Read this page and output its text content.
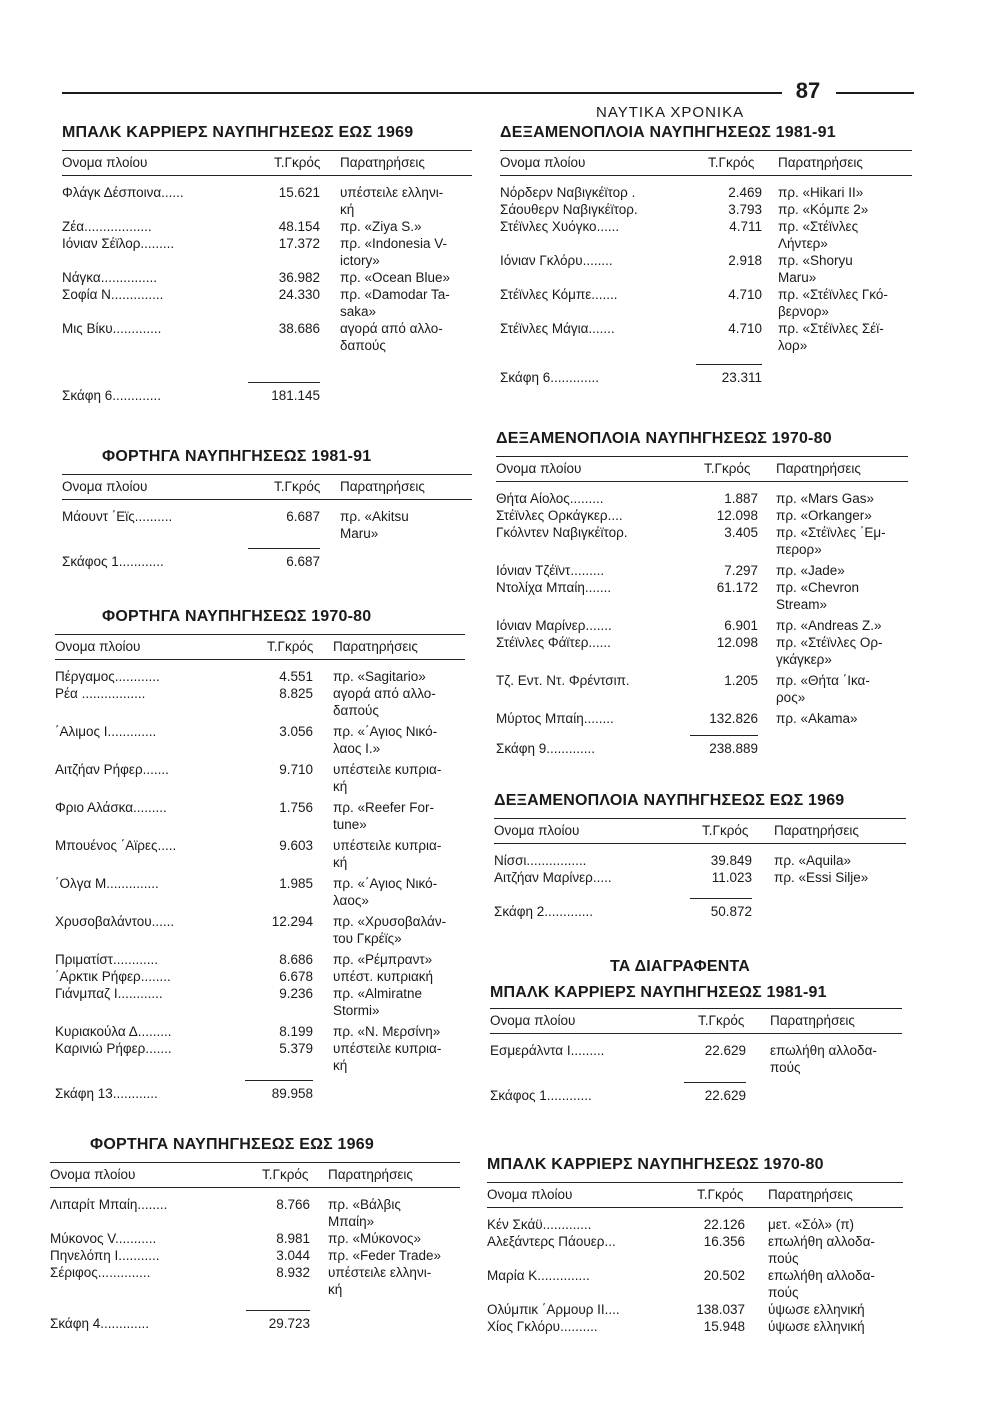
87
ΝΑΥΤΙΚΑ ΧΡΟΝΙΚΑ
ΜΠΑΛΚ ΚΑΡΡΙΕΡΣ ΝΑΥΠΗΓΗΣΕΩΣ ΕΩΣ 1969
Ονομα πλοίου	Τ.Γκρός Παρατηρήσεις
Φλάγκ Δέσποινα......	15.621 υπέστειλε ελληνι-
κή
Ζέα..................	48.154 πρ. «Ziya S.»
Ιόνιαν Σέϊλορ.........	17.372 πρ. «Indonesia V-
ictory»
Νάγκα...............	36.982 πρ. «Ocean Blue»
Σοφία Ν..............	24.330 πρ. «Damodar Ta-
saka»
Μις Βίκυ.............	38.686 αγορά από αλλο-
δαπούς
Σκάφη 6.............	181.145
ΦΟΡΤΗΓΑ ΝΑΥΠΗΓΗΣΕΩΣ 1981-91
Ονομα πλοίου	Τ.Γκρός Παρατηρήσεις
Μάουντ ΄Εϊς..........	6.687 πρ. «Akitsu
Maru»
Σκάφος 1............	6.687
ΦΟΡΤΗΓΑ ΝΑΥΠΗΓΗΣΕΩΣ 1970-80
Ονομα πλοίου	Τ.Γκρός Παρατηρήσεις
Πέργαμος............	4.551 πρ. «Sagitario»
Ρέα .................	8.825 αγορά από αλλο-
δαπούς
΄Αλιμος Ι.............	3.056 πρ. «΄Αγιος Νικό-
λαος Ι.»
Αιτζήαν Ρήφερ.......	9.710 υπέστειλε κυπρια-
κή
Φριο Αλάσκα.........	1.756 πρ. «Reefer For-
tune»
Μπουένος ΄Αϊρες.....	9.603 υπέστειλε κυπρια-
κή
΄Ολγα Μ..............	1.985 πρ. «΄Αγιος Νικό-
λαος»
Χρυσοβαλάντου......	12.294 πρ. «Χρυσοβαλάν-
του Γκρέϊς»
Πριματίστ............	8.686 πρ. «Ρέμπραντ»
΄Αρκτικ Ρήφερ........	6.678 υπέστ. κυπριακή
Γιάνμπαζ Ι............	9.236 πρ. «Almiratne
Stormi»
Κυριακούλα Δ.........	8.199 πρ. «Ν. Μερσίνη»
Καρινιώ Ρήφερ.......	5.379 υπέστειλε κυπρια-
κή
Σκάφη 13............	89.958
ΦΟΡΤΗΓΑ ΝΑΥΠΗΓΗΣΕΩΣ ΕΩΣ 1969
Ονομα πλοίου	Τ.Γκρός Παρατηρήσεις
Λιπαρίτ Μπαίη........	8.766 πρ. «Βάλβις
Μπαίη»
Μύκονος V...........	8.981 πρ. «Μύκονος»
Πηνελόπη Ι...........	3.044 πρ. «Feder Trade»
Σέριφος..............	8.932 υπέστειλε ελληνι-
κή
Σκάφη 4.............	29.723
ΔΕΞΑΜΕΝΟΠΛΟΙΑ ΝΑΥΠΗΓΗΣΕΩΣ 1981-91
Ονομα πλοίου	Τ.Γκρός Παρατηρήσεις
Νόρδερν Ναβιγκέϊτορ .	2.469 πρ. «Hikari II»
Σάουθερν Ναβιγκέϊτορ.	3.793 πρ. «Κόμπε 2»
Στέϊνλες Χυόγκο......	4.711 πρ. «Στέϊνλες
Λήντερ»
Ιόνιαν Γκλόρυ........	2.918 πρ. «Shoryu
Maru»
Στέϊνλες Κόμπε.......	4.710 πρ. «Στέϊνλες Γκό-
βερνορ»
Στέϊνλες Μάγια.......	4.710 πρ. «Στέϊνλες Σέϊ-
λορ»
Σκάφη 6.............	23.311
ΔΕΞΑΜΕΝΟΠΛΟΙΑ ΝΑΥΠΗΓΗΣΕΩΣ 1970-80
Ονομα πλοίου	Τ.Γκρός Παρατηρήσεις
Θήτα Αίολος.........	1.887 πρ. «Mars Gas»
Στέϊνλες Ορκάγκερ....	12.098 πρ. «Orkanger»
Γκόλντεν Ναβιγκέϊτορ.	3.405 πρ. «Στέϊνλες ΄Εμ-
περορ»
Ιόνιαν Τζέϊντ.........	7.297 πρ. «Jade»
Ντολίχα Μπαίη.......	61.172 πρ. «Chevron
Stream»
Ιόνιαν Μαρίνερ.......	6.901 πρ. «Andreas Z.»
Στέϊνλες Φάϊτερ......	12.098 πρ. «Στέϊνλες Ορ-
γκάγκερ»
Τζ. Εντ. Ντ. Φρέντσιπ.	1.205 πρ. «Θήτα ΄Ικα-
ρος»
Μύρτος Μπαίη........	132.826 πρ. «Akama»
Σκάφη 9.............	238.889
ΔΕΞΑΜΕΝΟΠΛΟΙΑ ΝΑΥΠΗΓΗΣΕΩΣ ΕΩΣ 1969
Ονομα πλοίου	Τ.Γκρός Παρατηρήσεις
Νίσσι................	39.849 πρ. «Aquila»
Αιτζήαν Μαρίνερ.....	11.023 πρ. «Essi Silje»
Σκάφη 2.............	50.872
ΤΑ ΔΙΑΓΡΑΦΕΝΤΑ
ΜΠΑΛΚ ΚΑΡΡΙΕΡΣ ΝΑΥΠΗΓΗΣΕΩΣ 1981-91
Ονομα πλοίου	Τ.Γκρός Παρατηρήσεις
Εσμεράλντα Ι.........	22.629 επωλήθη αλλοδα-
πούς
Σκάφος 1............	22.629
ΜΠΑΛΚ ΚΑΡΡΙΕΡΣ ΝΑΥΠΗΓΗΣΕΩΣ 1970-80
Ονομα πλοίου	Τ.Γκρός Παρατηρήσεις
Κέν Σκάϋ.............	22.126 μετ. «Σόλ» (π)
Αλεξάντερς Πάουερ...	16.356 επωλήθη αλλοδα-
πούς
Μαρία Κ..............	20.502 επωλήθη αλλοδα-
πούς
Ολύμπικ ΄Αρμουρ ΙΙ....	138.037 ύψωσε ελληνική
Χίος Γκλόρυ..........	15.948 ύψωσε ελληνική
